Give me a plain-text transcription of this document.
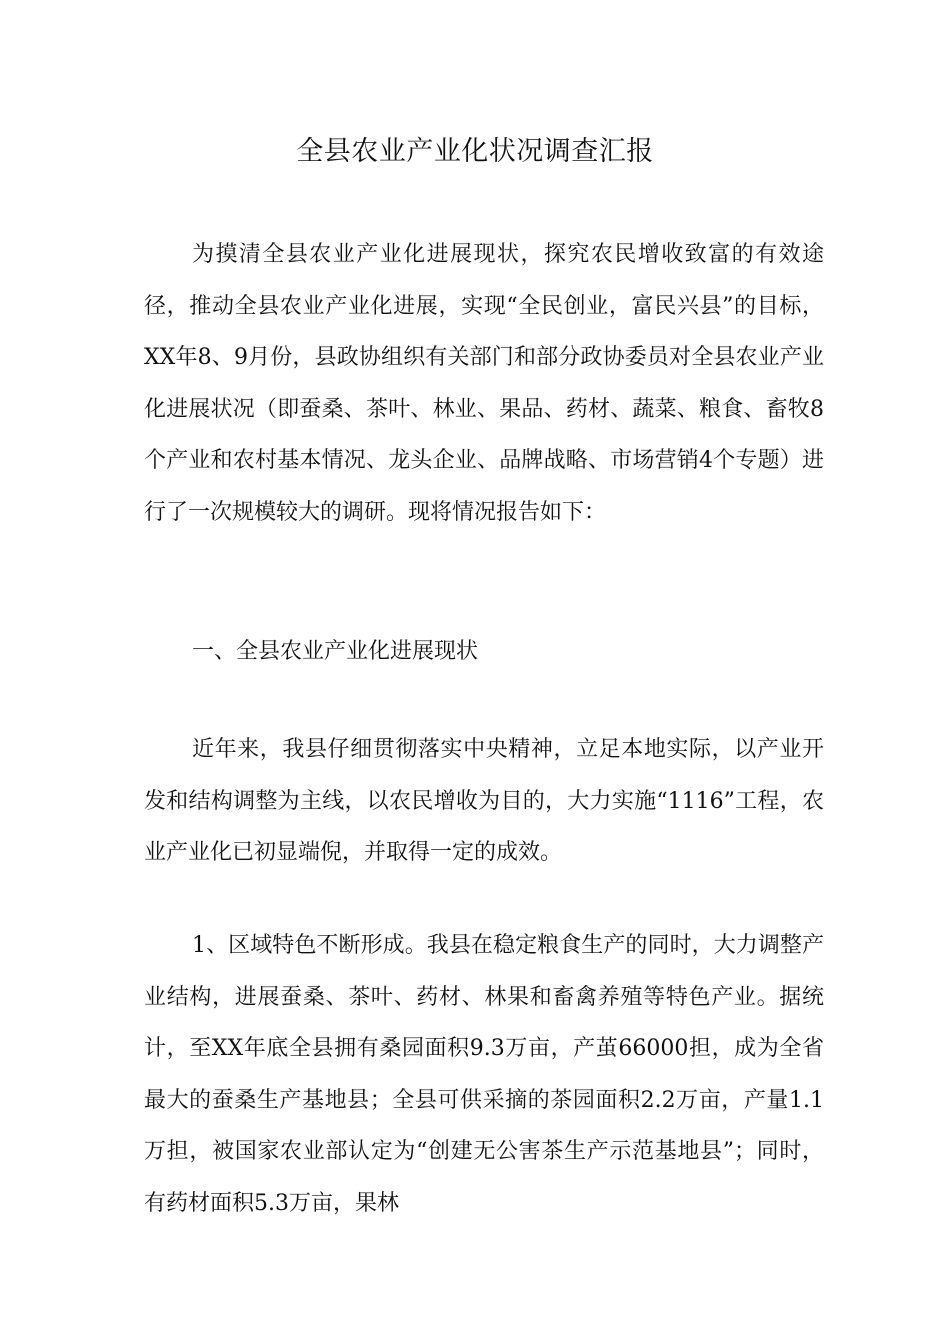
全县农业产业化状况调查汇报

为摸清全县农业产业化进展现状，探究农民增收致富的有效途径，推动全县农业产业化进展，实现“全民创业，富民兴县”的目标，XX年8、9月份，县政协组织有关部门和部分政协委员对全县农业产业化进展状况（即蚕桑、茶叶、林业、果品、药材、蔬菜、粮食、畜牧8个产业和农村基本情况、龙头企业、品牌战略、市场营销4个专题）进行了一次规模较大的调研。现将情况报告如下：

一、全县农业产业化进展现状

近年来，我县仔细贯彻落实中央精神，立足本地实际，以产业开发和结构调整为主线，以农民增收为目的，大力实施“1116”工程，农业产业化已初显端倪，并取得一定的成效。

1、区域特色不断形成。我县在稳定粮食生产的同时，大力调整产业结构，进展蚕桑、茶叶、药材、林果和畜禽养殖等特色产业。据统计，至XX年底全县拥有桑园面积9.3万亩，产茧66000担，成为全省最大的蚕桑生产基地县；全县可供采摘的茶园面积2.2万亩，产量1.1万担，被国家农业部认定为“创建无公害茶生产示范基地县”；同时，有药材面积5.3万亩，果林
